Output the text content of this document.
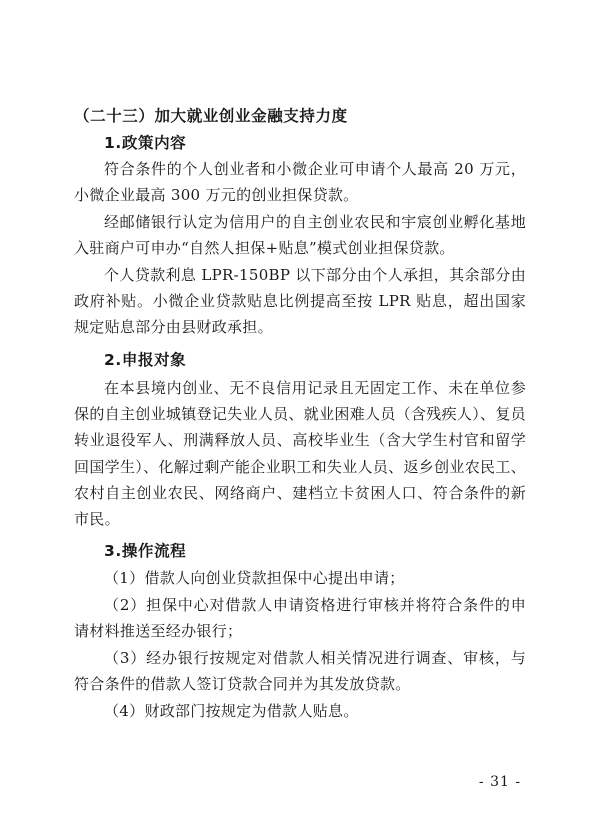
（二十三）加大就业创业金融支持力度

1.政策内容

符合条件的个人创业者和小微企业可申请个人最高 20 万元，小微企业最高 300 万元的创业担保贷款。

经邮储银行认定为信用户的自主创业农民和宇宸创业孵化基地入驻商户可申办“自然人担保+贴息”模式创业担保贷款。

个人贷款利息 LPR-150BP 以下部分由个人承担，其余部分由政府补贴。小微企业贷款贴息比例提高至按 LPR 贴息，超出国家规定贴息部分由县财政承担。

2.申报对象

在本县境内创业、无不良信用记录且无固定工作、未在单位参保的自主创业城镇登记失业人员、就业困难人员（含残疾人）、复员转业退役军人、刑满释放人员、高校毕业生（含大学生村官和留学回国学生）、化解过剩产能企业职工和失业人员、返乡创业农民工、农村自主创业农民、网络商户、建档立卡贫困人口、符合条件的新市民。

3.操作流程

（1）借款人向创业贷款担保中心提出申请；

（2）担保中心对借款人申请资格进行审核并将符合条件的申请材料推送至经办银行；

（3）经办银行按规定对借款人相关情况进行调查、审核，与符合条件的借款人签订贷款合同并为其发放贷款。

（4）财政部门按规定为借款人贴息。

- 31 -
